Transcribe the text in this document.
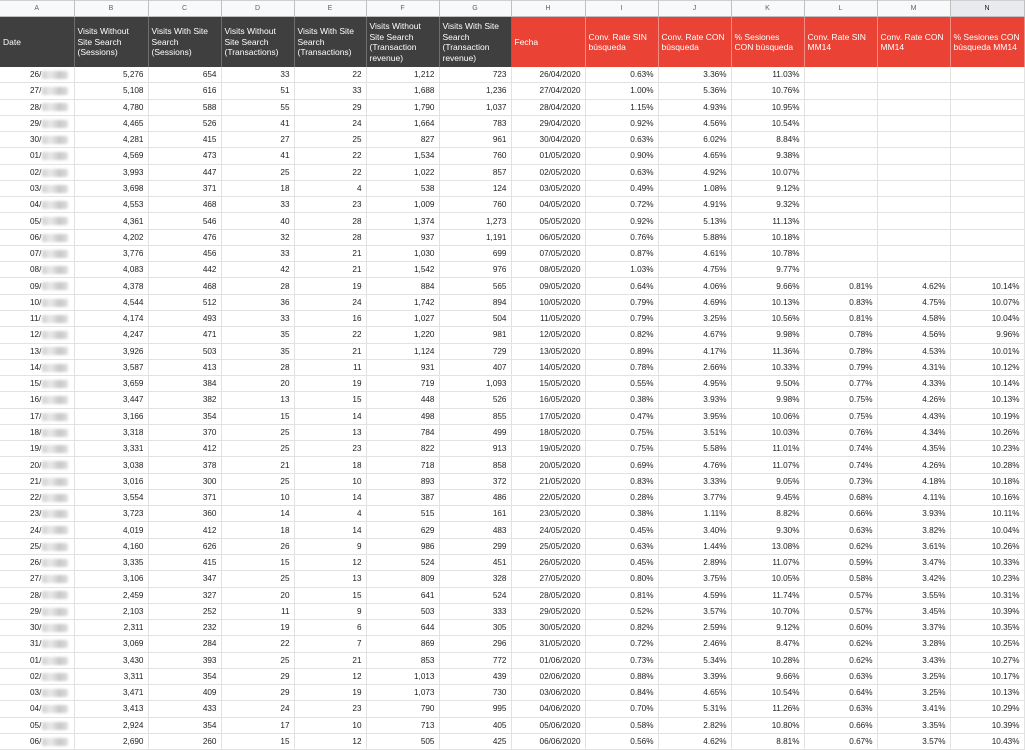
A	B	C	D	E	F	G	H	I	J	K	L	M	N
Date	Visits Without Site Search (Sessions)	Visits With Site Search (Sessions)	Visits Without Site Search (Transactions)	Visits With Site Search (Transactions)	Visits Without Site Search (Transaction revenue)	Visits With Site Search (Transaction revenue)	Fecha	Conv. Rate SIN búsqueda	Conv. Rate CON búsqueda	% Sesiones CON búsqueda	Conv. Rate SIN MM14	Conv. Rate CON MM14	% Sesiones CON búsqueda MM14
26/	5,276	654	33	22	1,212	723	26/04/2020	0.63%	3.36%	11.03%			
27/	5,108	616	51	33	1,688	1,236	27/04/2020	1.00%	5.36%	10.76%			
28/	4,780	588	55	29	1,790	1,037	28/04/2020	1.15%	4.93%	10.95%			
29/	4,465	526	41	24	1,664	783	29/04/2020	0.92%	4.56%	10.54%			
30/	4,281	415	27	25	827	961	30/04/2020	0.63%	6.02%	8.84%			
01/	4,569	473	41	22	1,534	760	01/05/2020	0.90%	4.65%	9.38%			
02/	3,993	447	25	22	1,022	857	02/05/2020	0.63%	4.92%	10.07%			
03/	3,698	371	18	4	538	124	03/05/2020	0.49%	1.08%	9.12%			
04/	4,553	468	33	23	1,009	760	04/05/2020	0.72%	4.91%	9.32%			
05/	4,361	546	40	28	1,374	1,273	05/05/2020	0.92%	5.13%	11.13%			
06/	4,202	476	32	28	937	1,191	06/05/2020	0.76%	5.88%	10.18%			
07/	3,776	456	33	21	1,030	699	07/05/2020	0.87%	4.61%	10.78%			
08/	4,083	442	42	21	1,542	976	08/05/2020	1.03%	4.75%	9.77%			
09/	4,378	468	28	19	884	565	09/05/2020	0.64%	4.06%	9.66%	0.81%	4.62%	10.14%
10/	4,544	512	36	24	1,742	894	10/05/2020	0.79%	4.69%	10.13%	0.83%	4.75%	10.07%
11/	4,174	493	33	16	1,027	504	11/05/2020	0.79%	3.25%	10.56%	0.81%	4.58%	10.04%
12/	4,247	471	35	22	1,220	981	12/05/2020	0.82%	4.67%	9.98%	0.78%	4.56%	9.96%
13/	3,926	503	35	21	1,124	729	13/05/2020	0.89%	4.17%	11.36%	0.78%	4.53%	10.01%
14/	3,587	413	28	11	931	407	14/05/2020	0.78%	2.66%	10.33%	0.79%	4.31%	10.12%
15/	3,659	384	20	19	719	1,093	15/05/2020	0.55%	4.95%	9.50%	0.77%	4.33%	10.14%
16/	3,447	382	13	15	448	526	16/05/2020	0.38%	3.93%	9.98%	0.75%	4.26%	10.13%
17/	3,166	354	15	14	498	855	17/05/2020	0.47%	3.95%	10.06%	0.75%	4.43%	10.19%
18/	3,318	370	25	13	784	499	18/05/2020	0.75%	3.51%	10.03%	0.76%	4.34%	10.26%
19/	3,331	412	25	23	822	913	19/05/2020	0.75%	5.58%	11.01%	0.74%	4.35%	10.23%
20/	3,038	378	21	18	718	858	20/05/2020	0.69%	4.76%	11.07%	0.74%	4.26%	10.28%
21/	3,016	300	25	10	893	372	21/05/2020	0.83%	3.33%	9.05%	0.73%	4.18%	10.18%
22/	3,554	371	10	14	387	486	22/05/2020	0.28%	3.77%	9.45%	0.68%	4.11%	10.16%
23/	3,723	360	14	4	515	161	23/05/2020	0.38%	1.11%	8.82%	0.66%	3.93%	10.11%
24/	4,019	412	18	14	629	483	24/05/2020	0.45%	3.40%	9.30%	0.63%	3.82%	10.04%
25/	4,160	626	26	9	986	299	25/05/2020	0.63%	1.44%	13.08%	0.62%	3.61%	10.26%
26/	3,335	415	15	12	524	451	26/05/2020	0.45%	2.89%	11.07%	0.59%	3.47%	10.33%
27/	3,106	347	25	13	809	328	27/05/2020	0.80%	3.75%	10.05%	0.58%	3.42%	10.23%
28/	2,459	327	20	15	641	524	28/05/2020	0.81%	4.59%	11.74%	0.57%	3.55%	10.31%
29/	2,103	252	11	9	503	333	29/05/2020	0.52%	3.57%	10.70%	0.57%	3.45%	10.39%
30/	2,311	232	19	6	644	305	30/05/2020	0.82%	2.59%	9.12%	0.60%	3.37%	10.35%
31/	3,069	284	22	7	869	296	31/05/2020	0.72%	2.46%	8.47%	0.62%	3.28%	10.25%
01/	3,430	393	25	21	853	772	01/06/2020	0.73%	5.34%	10.28%	0.62%	3.43%	10.27%
02/	3,311	354	29	12	1,013	439	02/06/2020	0.88%	3.39%	9.66%	0.63%	3.25%	10.17%
03/	3,471	409	29	19	1,073	730	03/06/2020	0.84%	4.65%	10.54%	0.64%	3.25%	10.13%
04/	3,413	433	24	23	790	995	04/06/2020	0.70%	5.31%	11.26%	0.63%	3.41%	10.29%
05/	2,924	354	17	10	713	405	05/06/2020	0.58%	2.82%	10.80%	0.66%	3.35%	10.39%
06/	2,690	260	15	12	505	425	06/06/2020	0.56%	4.62%	8.81%	0.67%	3.57%	10.43%
